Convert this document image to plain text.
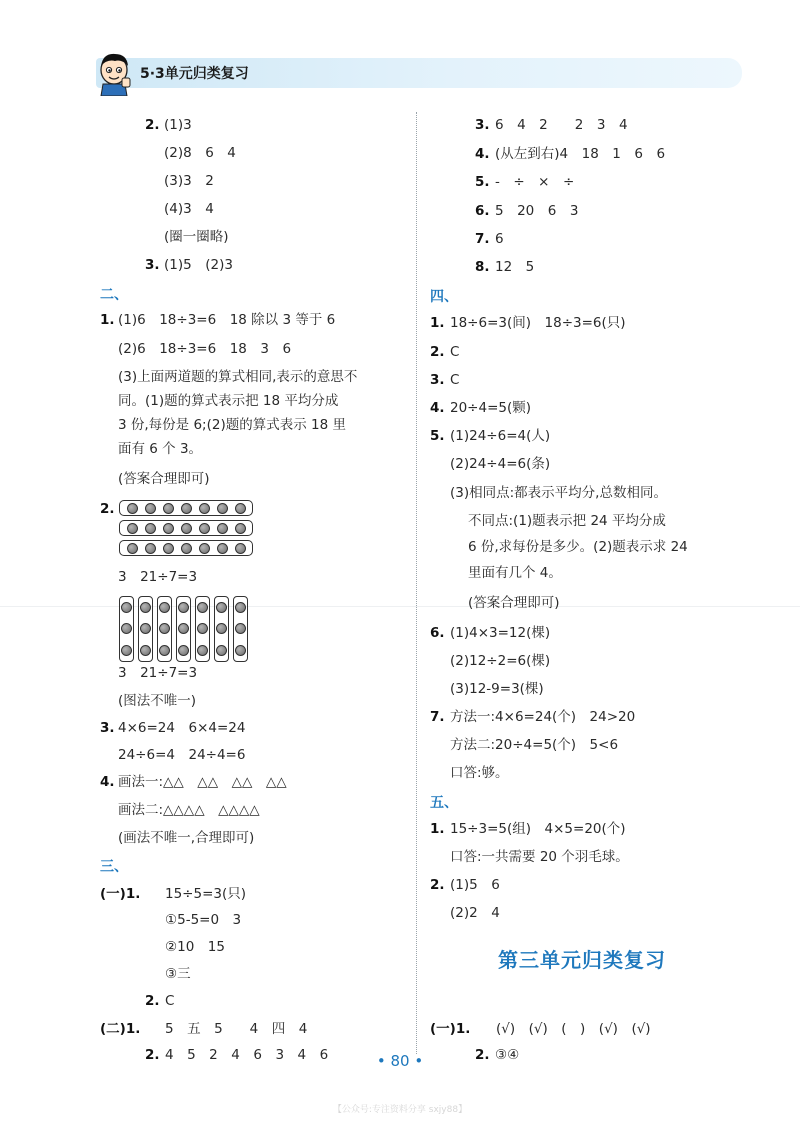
5·3单元归类复习
2. (1)3
(2)8　6　4
(3)3　2
(4)3　4
(圈一圈略)
3. (1)5　(2)3
二、
1. (1)6　18÷3=6　18 除以 3 等于 6
(2)6　18÷3=6　18　3　6
(3)上面两道题的算式相同,表示的意思不
同。(1)题的算式表示把 18 平均分成
3 份,每份是 6;(2)题的算式表示 18 里
面有 6 个 3。
(答案合理即可)
2.
3　21÷7=3
3　21÷7=3
(图法不唯一)
3. 4×6=24　6×4=24
24÷6=4　24÷4=6
4. 画法一:△△　△△　△△　△△
画法二:△△△△　△△△△
(画法不唯一,合理即可)
三、
(一)1. 15÷5=3(只)
①5-5=0　3
②10　15
③三
2. C
(二)1. 5　五　5　　4　四　4
2. 4　5　2　4　6　3　4　6
3. 6　4　2　　2　3　4
4. (从左到右)4　18　1　6　6
5. -　÷　×　÷
6. 5　20　6　3
7. 6
8. 12　5
四、
1. 18÷6=3(间)　18÷3=6(只)
2. C
3. C
4. 20÷4=5(颗)
5. (1)24÷6=4(人)
(2)24÷4=6(条)
(3)相同点:都表示平均分,总数相同。
不同点:(1)题表示把 24 平均分成
6 份,求每份是多少。(2)题表示求 24
里面有几个 4。
(答案合理即可)
6. (1)4×3=12(棵)
(2)12÷2=6(棵)
(3)12-9=3(棵)
7. 方法一:4×6=24(个)　24>20
方法二:20÷4=5(个)　5<6
口答:够。
五、
1. 15÷3=5(组)　4×5=20(个)
口答:一共需要 20 个羽毛球。
2. (1)5　6
(2)2　4
第三单元归类复习
(一)1. (√)　(√)　(　)　(√)　(√)
2. ③④
• 80 •
【公众号:专注资料分享 sxjy88】
